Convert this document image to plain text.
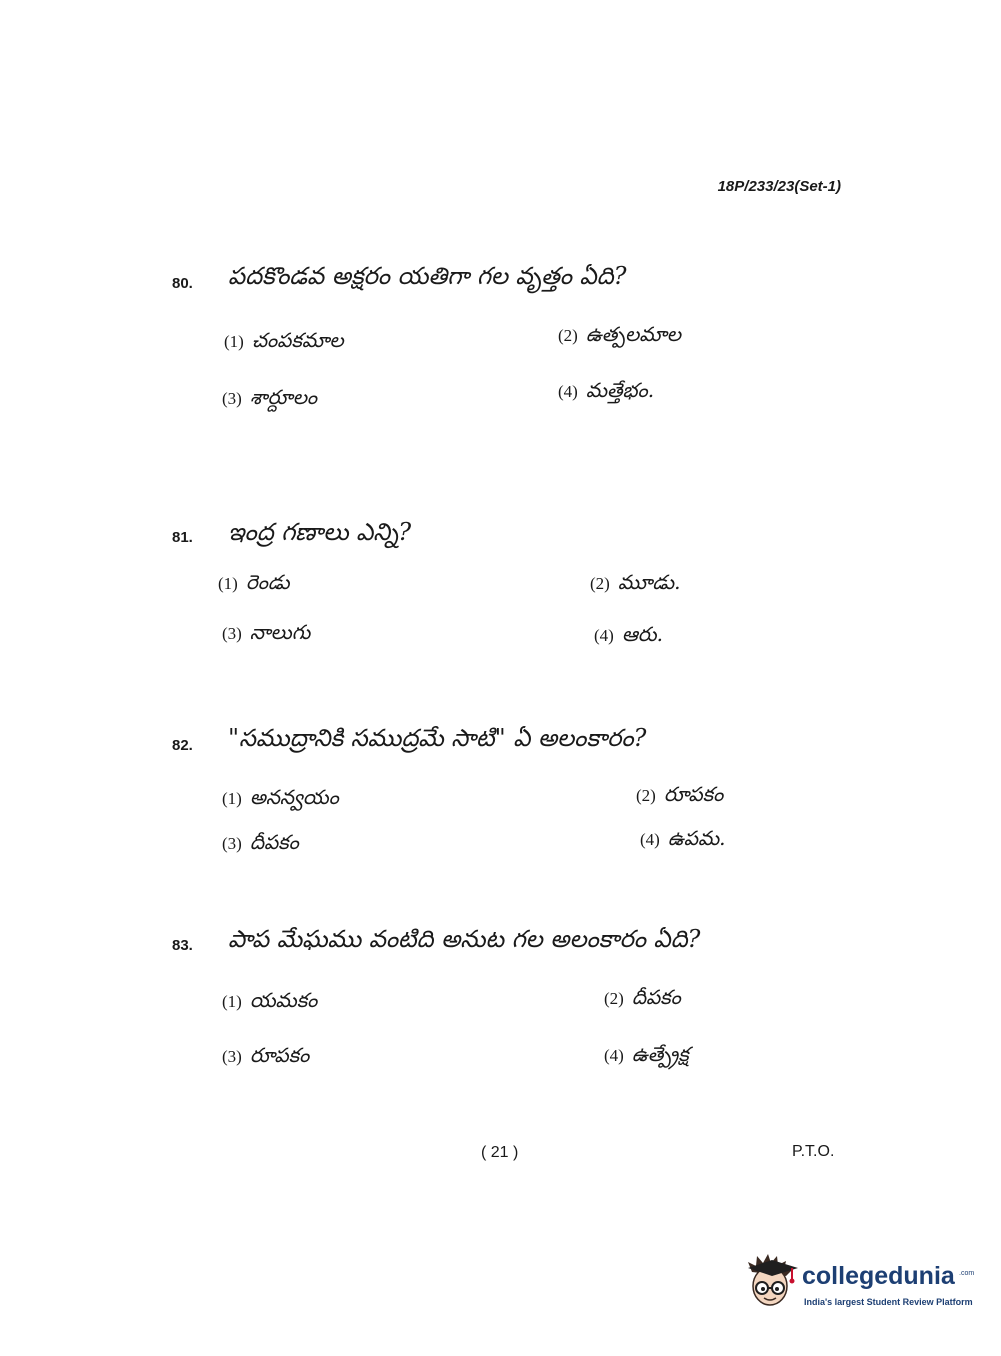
18P/233/23(Set-1)
80. పదకొండవ అక్షరం యతిగా గల వృత్తం ఏది?
(1) చంపకమాల	(2) ఉత్పలమాల
(3) శార్దూలం	(4) మత్తేభం.
81. ఇంద్ర గణాలు ఎన్ని?
(1) రెండు	(2) మూడు.
(3) నాలుగు	(4) ఆరు.
82. "సముద్రానికి సముద్రమే సాటి" ఏ అలంకారం?
(1) అనన్వయం	(2) రూపకం
(3) దీపకం	(4) ఉపమ.
83. పాప మేఘము వంటిది అనుట గల అలంకారం ఏది?
(1) యమకం	(2) దీపకం
(3) రూపకం	(4) ఉత్ప్రేక్ష
( 21 )	P.T.O.
collegedunia .com
India's largest Student Review Platform
